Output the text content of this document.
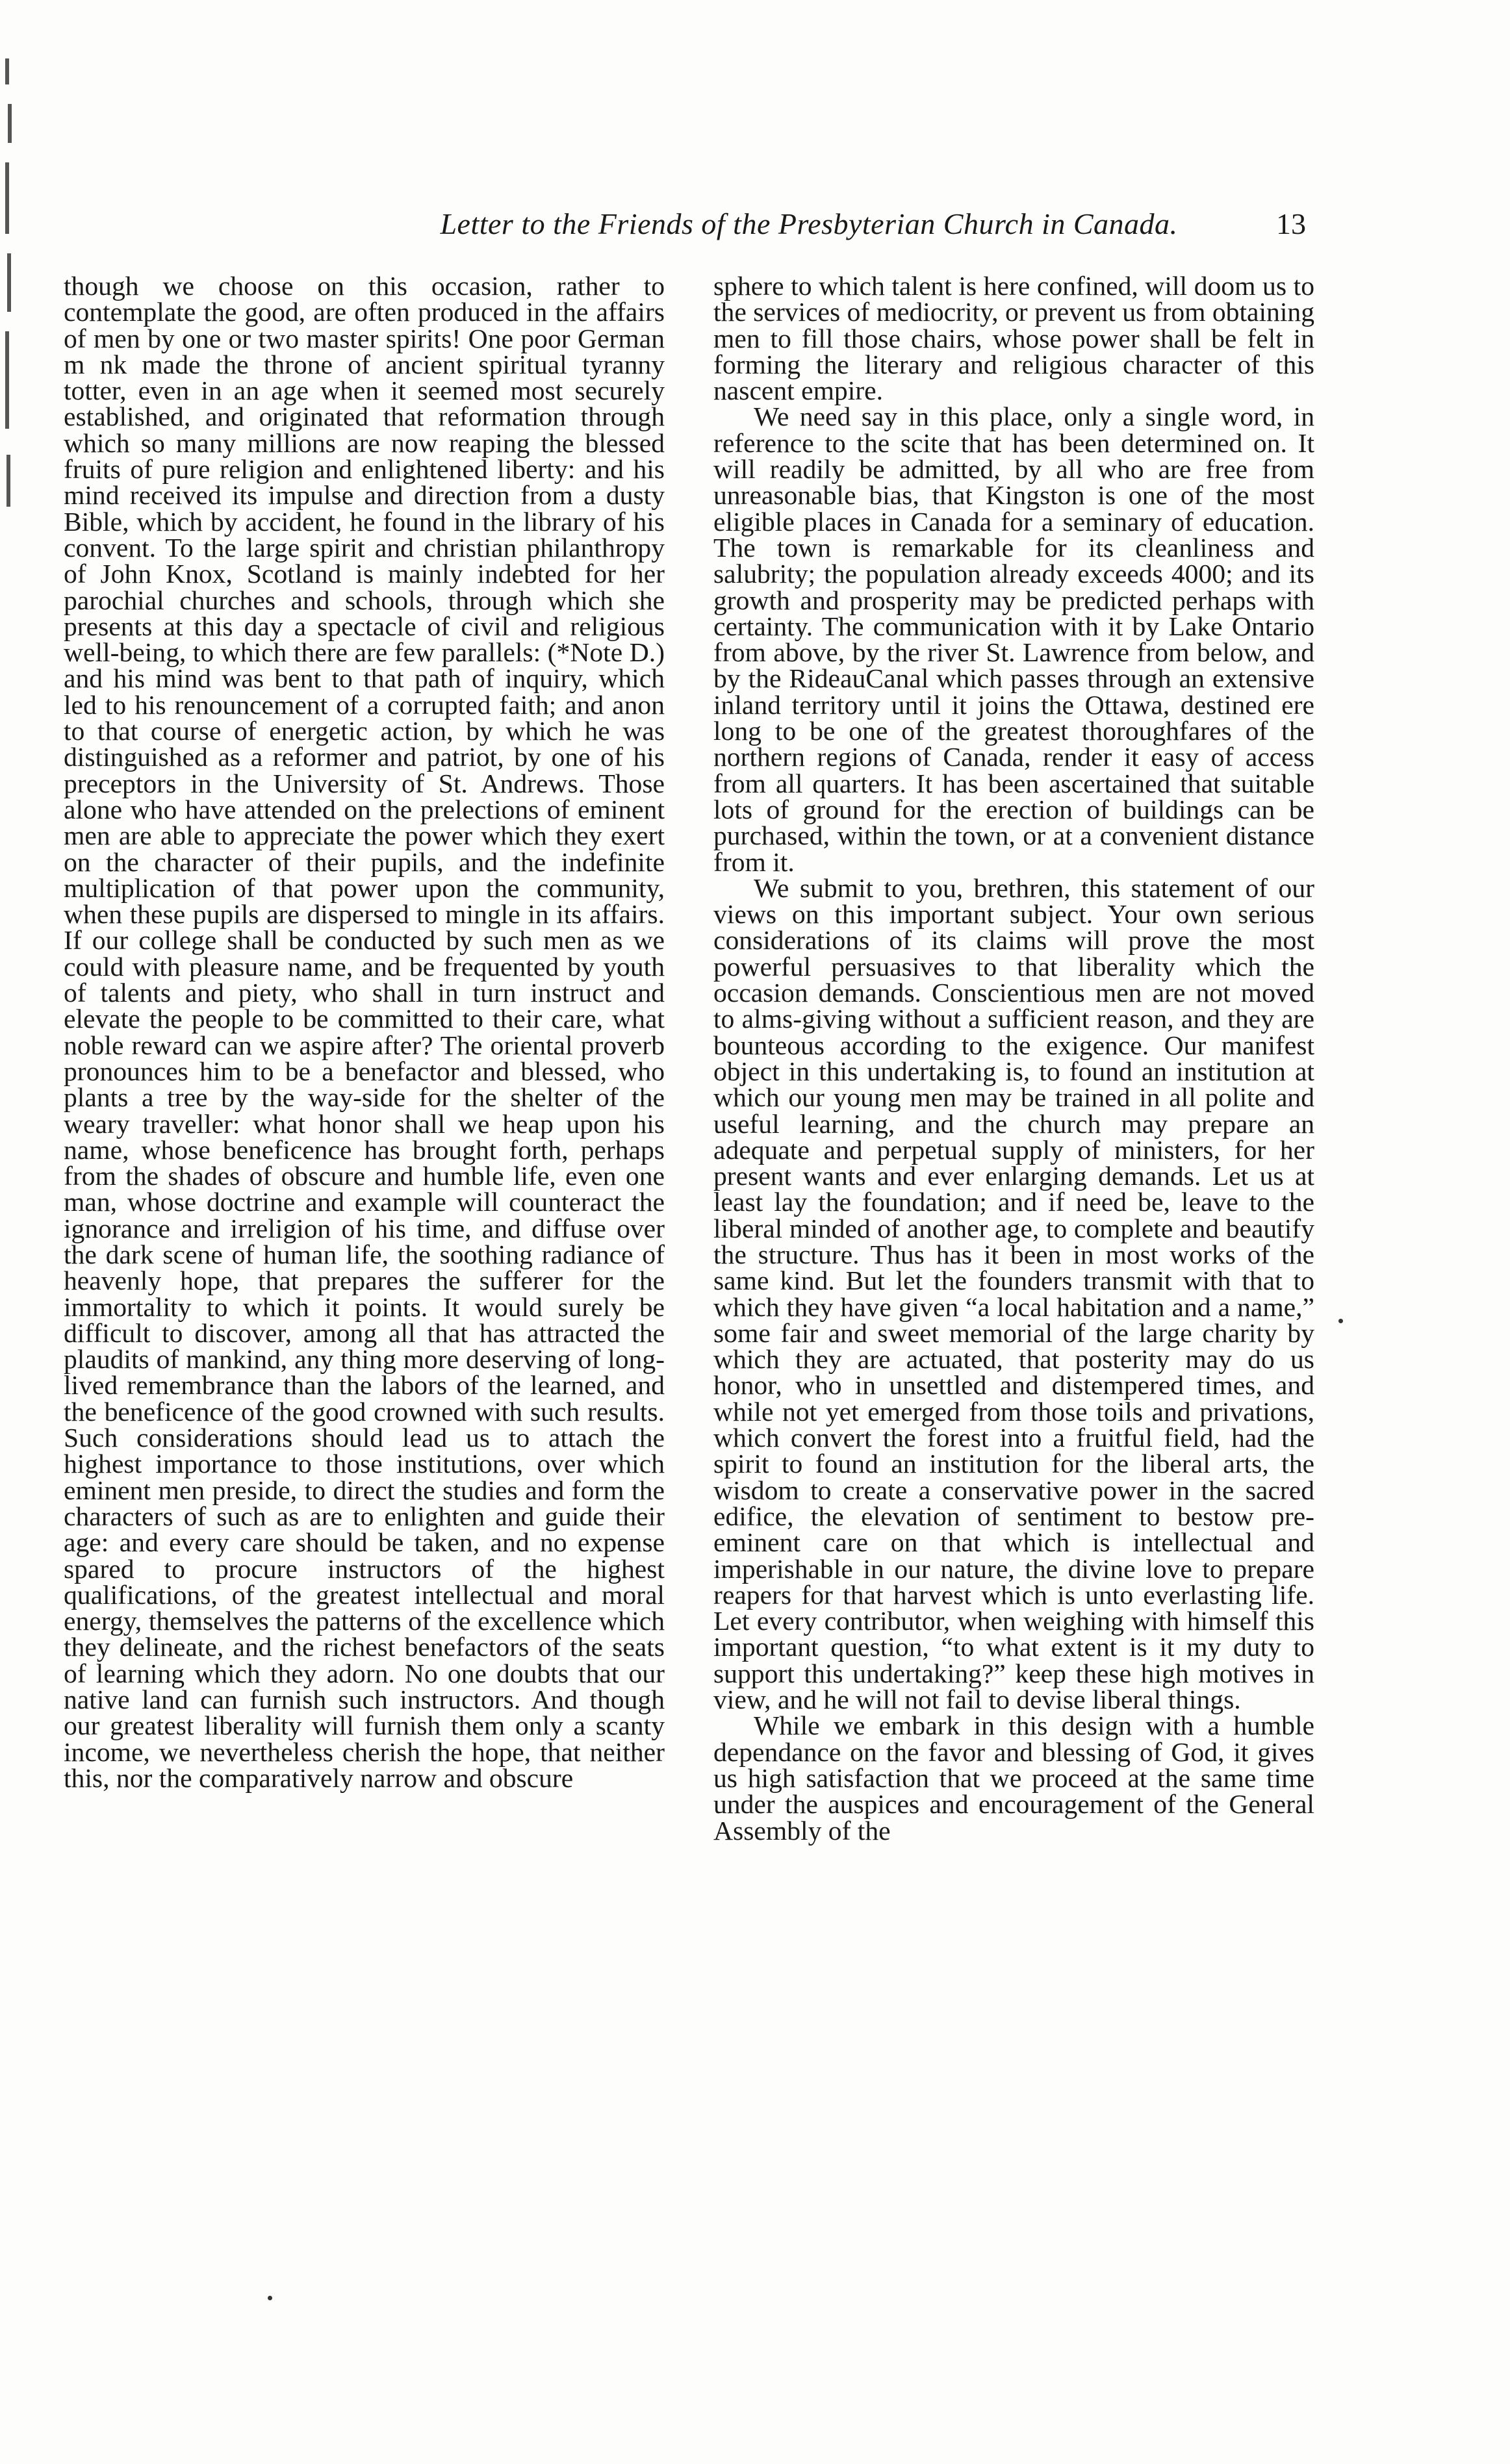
Letter to the Friends of the Presbyterian Church in Canada.	13

though we choose on this occasion, rather to contemplate the good, are often produced in the affairs of men by one or two master spirits! One poor German m nk made the throne of ancient spiritual tyranny totter, even in an age when it seemed most securely established, and originated that reformation through which so many millions are now reaping the blessed fruits of pure religion and enlightened liberty: and his mind received its impulse and direction from a dusty Bible, which by accident, he found in the library of his convent. To the large spirit and christian philanthropy of John Knox, Scotland is mainly indebted for her parochial churches and schools, through which she presents at this day a spectacle of civil and religious well-being, to which there are few parallels: (*Note D.) and his mind was bent to that path of inquiry, which led to his renouncement of a corrupted faith; and anon to that course of energetic action, by which he was distinguished as a reformer and patriot, by one of his preceptors in the University of St. Andrews. Those alone who have attended on the prelections of eminent men are able to appreciate the power which they exert on the character of their pupils, and the indefinite multiplication of that power upon the community, when these pupils are dispersed to mingle in its affairs. If our college shall be conducted by such men as we could with pleasure name, and be frequented by youth of talents and piety, who shall in turn instruct and elevate the people to be committed to their care, what noble reward can we aspire after? The oriental proverb pronounces him to be a benefactor and blessed, who plants a tree by the way-side for the shelter of the weary traveller: what honor shall we heap upon his name, whose beneficence has brought forth, perhaps from the shades of obscure and humble life, even one man, whose doctrine and example will counteract the ignorance and irreligion of his time, and diffuse over the dark scene of human life, the soothing radiance of heavenly hope, that prepares the sufferer for the immortality to which it points. It would surely be difficult to discover, among all that has attracted the plaudits of mankind, any thing more deserving of long-lived remembrance than the labors of the learned, and the beneficence of the good crowned with such results. Such considerations should lead us to attach the highest importance to those institutions, over which eminent men preside, to direct the studies and form the characters of such as are to enlighten and guide their age: and every care should be taken, and no expense spared to procure instructors of the highest qualifications, of the greatest intellectual and moral energy, themselves the patterns of the excellence which they delineate, and the richest benefactors of the seats of learning which they adorn. No one doubts that our native land can furnish such instructors. And though our greatest liberality will furnish them only a scanty income, we nevertheless cherish the hope, that neither this, nor the comparatively narrow and obscure

sphere to which talent is here confined, will doom us to the services of mediocrity, or prevent us from obtaining men to fill those chairs, whose power shall be felt in forming the literary and religious character of this nascent empire.

We need say in this place, only a single word, in reference to the scite that has been determined on. It will readily be admitted, by all who are free from unreasonable bias, that Kingston is one of the most eligible places in Canada for a seminary of education. The town is remarkable for its cleanliness and salubrity; the population already exceeds 4000; and its growth and prosperity may be predicted perhaps with certainty. The communication with it by Lake Ontario from above, by the river St. Lawrence from below, and by the RideauCanal which passes through an extensive inland territory until it joins the Ottawa, destined ere long to be one of the greatest thoroughfares of the northern regions of Canada, render it easy of access from all quarters. It has been ascertained that suitable lots of ground for the erection of buildings can be purchased, within the town, or at a convenient distance from it.

We submit to you, brethren, this statement of our views on this important subject. Your own serious considerations of its claims will prove the most powerful persuasives to that liberality which the occasion demands. Conscientious men are not moved to alms-giving without a sufficient reason, and they are bounteous according to the exigence. Our manifest object in this undertaking is, to found an institution at which our young men may be trained in all polite and useful learning, and the church may prepare an adequate and perpetual supply of ministers, for her present wants and ever enlarging demands. Let us at least lay the foundation; and if need be, leave to the liberal minded of another age, to complete and beautify the structure. Thus has it been in most works of the same kind. But let the founders transmit with that to which they have given “a local habitation and a name,” some fair and sweet memorial of the large charity by which they are actuated, that posterity may do us honor, who in unsettled and distempered times, and while not yet emerged from those toils and privations, which convert the forest into a fruitful field, had the spirit to found an institution for the liberal arts, the wisdom to create a conservative power in the sacred edifice, the elevation of sentiment to bestow pre-eminent care on that which is intellectual and imperishable in our nature, the divine love to prepare reapers for that harvest which is unto everlasting life. Let every contributor, when weighing with himself this important question, “to what extent is it my duty to support this undertaking?” keep these high motives in view, and he will not fail to devise liberal things.

While we embark in this design with a humble dependance on the favor and blessing of God, it gives us high satisfaction that we proceed at the same time under the auspices and encouragement of the General Assembly of the
